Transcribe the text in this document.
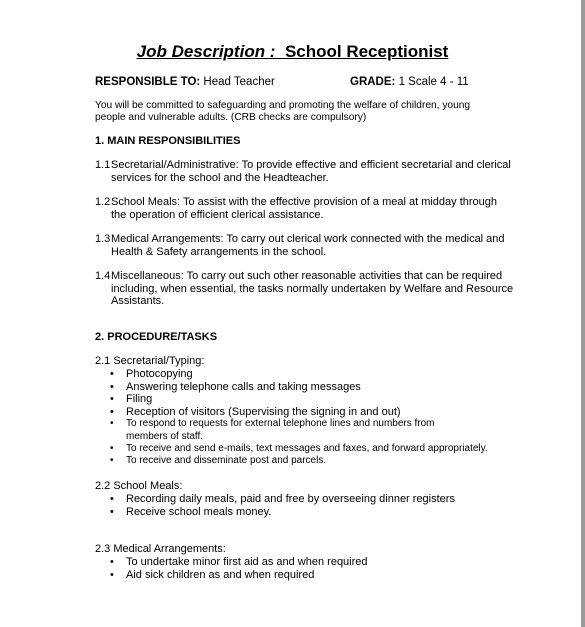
Job Description : School Receptionist
RESPONSIBLE TO: Head Teacher	GRADE: 1 Scale 4 - 11
You will be committed to safeguarding and promoting the welfare of children, young people and vulnerable adults. (CRB checks are compulsory)
1. MAIN RESPONSIBILITIES
1.1 Secretarial/Administrative: To provide effective and efficient secretarial and clerical services for the school and the Headteacher.
1.2 School Meals: To assist with the effective provision of a meal at midday through the operation of efficient clerical assistance.
1.3 Medical Arrangements: To carry out clerical work connected with the medical and Health & Safety arrangements in the school.
1.4 Miscellaneous: To carry out such other reasonable activities that can be required including, when essential, the tasks normally undertaken by Welfare and Resource Assistants.
2. PROCEDURE/TASKS
2.1 Secretarial/Typing:
• Photocopying
• Answering telephone calls and taking messages
• Filing
• Reception of visitors (Supervising the signing in and out)
• To respond to requests for external telephone lines and numbers from
members of staff.
• To receive and send e-mails, text messages and faxes, and forward appropriately.
• To receive and disseminate post and parcels.
2.2 School Meals:
• Recording daily meals, paid and free by overseeing dinner registers
• Receive school meals money.
2.3 Medical Arrangements:
• To undertake minor first aid as and when required
• Aid sick children as and when required
